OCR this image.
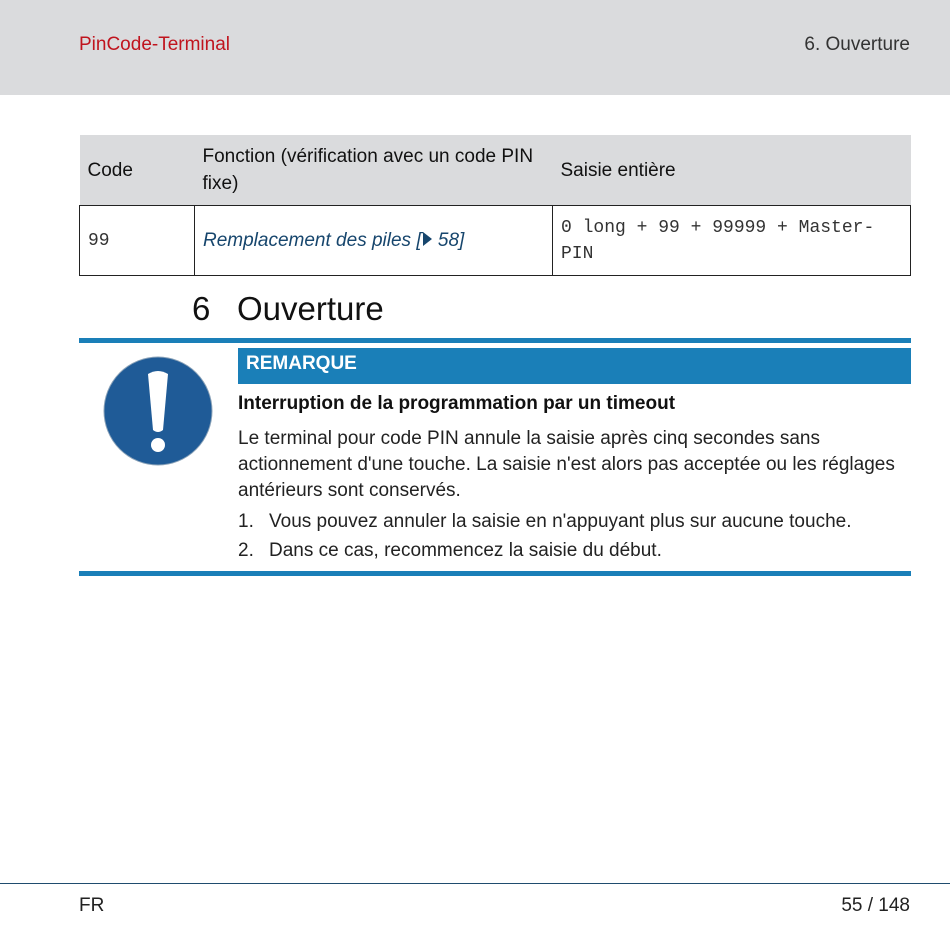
PinCode-Terminal	6. Ouverture
Code	Fonction (vérification avec un code PIN fixe)	Saisie entière
99	Remplacement des piles [ 58]	0 long + 99 + 99999 + Master-PIN
6 Ouverture
REMARQUE
Interruption de la programmation par un timeout
Le terminal pour code PIN annule la saisie après cinq secondes sans actionnement d'une touche. La saisie n'est alors pas acceptée ou les réglages antérieurs sont conservés.
1. Vous pouvez annuler la saisie en n'appuyant plus sur aucune touche.
2. Dans ce cas, recommencez la saisie du début.
FR	55 / 148
